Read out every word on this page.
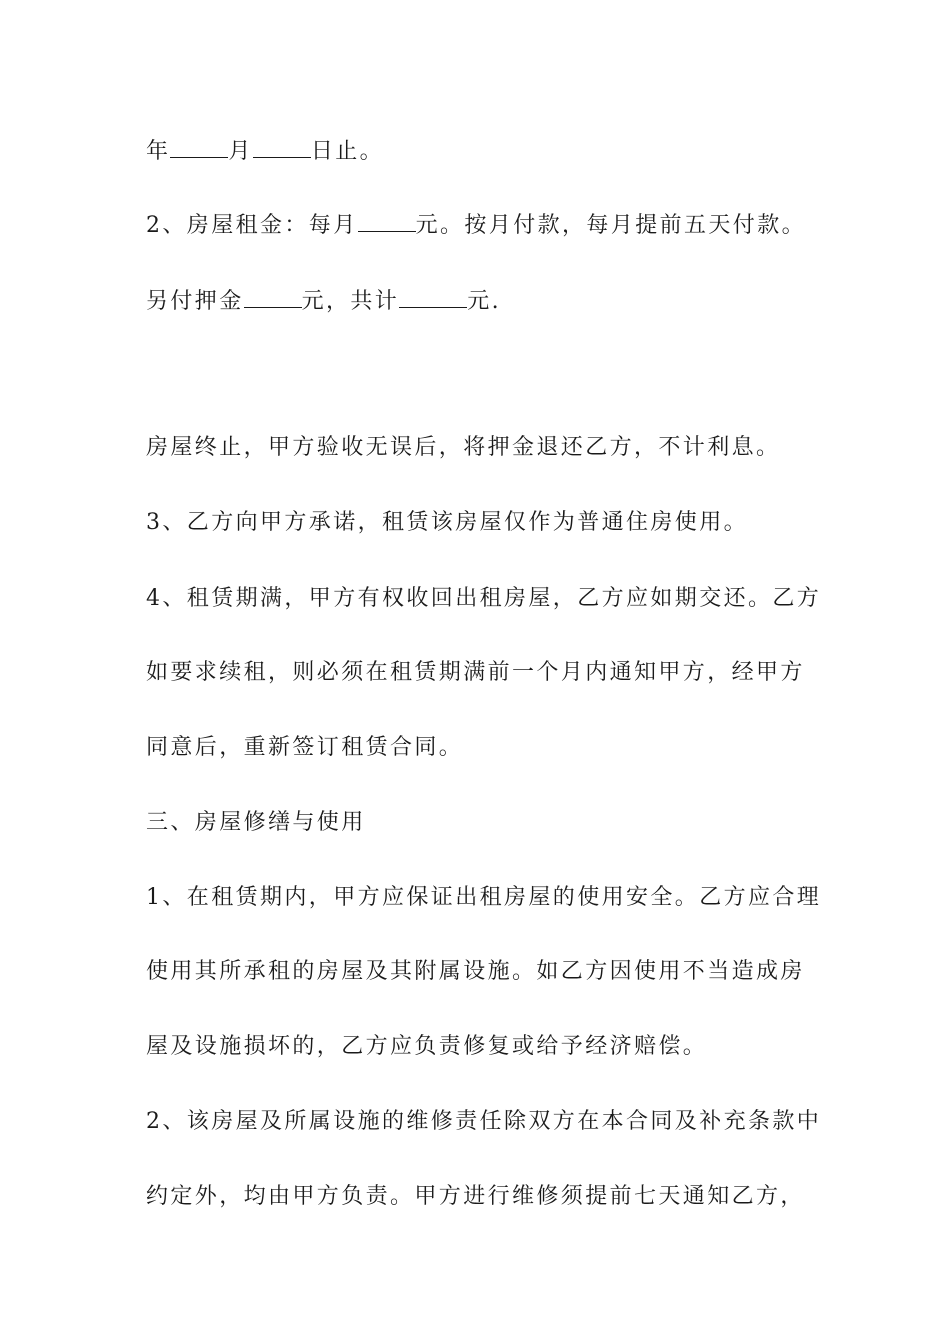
年	月	日止。
2、房屋租金：每月	元。按月付款，每月提前五天付款。
另付押金	元，共计	元.
房屋终止，甲方验收无误后，将押金退还乙方，不计利息。
3、乙方向甲方承诺，租赁该房屋仅作为普通住房使用。
4、租赁期满，甲方有权收回出租房屋，乙方应如期交还。乙方
如要求续租，则必须在租赁期满前一个月内通知甲方，经甲方
同意后，重新签订租赁合同。
三、房屋修缮与使用
1、在租赁期内，甲方应保证出租房屋的使用安全。乙方应合理
使用其所承租的房屋及其附属设施。如乙方因使用不当造成房
屋及设施损坏的，乙方应负责修复或给予经济赔偿。
2、该房屋及所属设施的维修责任除双方在本合同及补充条款中
约定外，均由甲方负责。甲方进行维修须提前七天通知乙方，
